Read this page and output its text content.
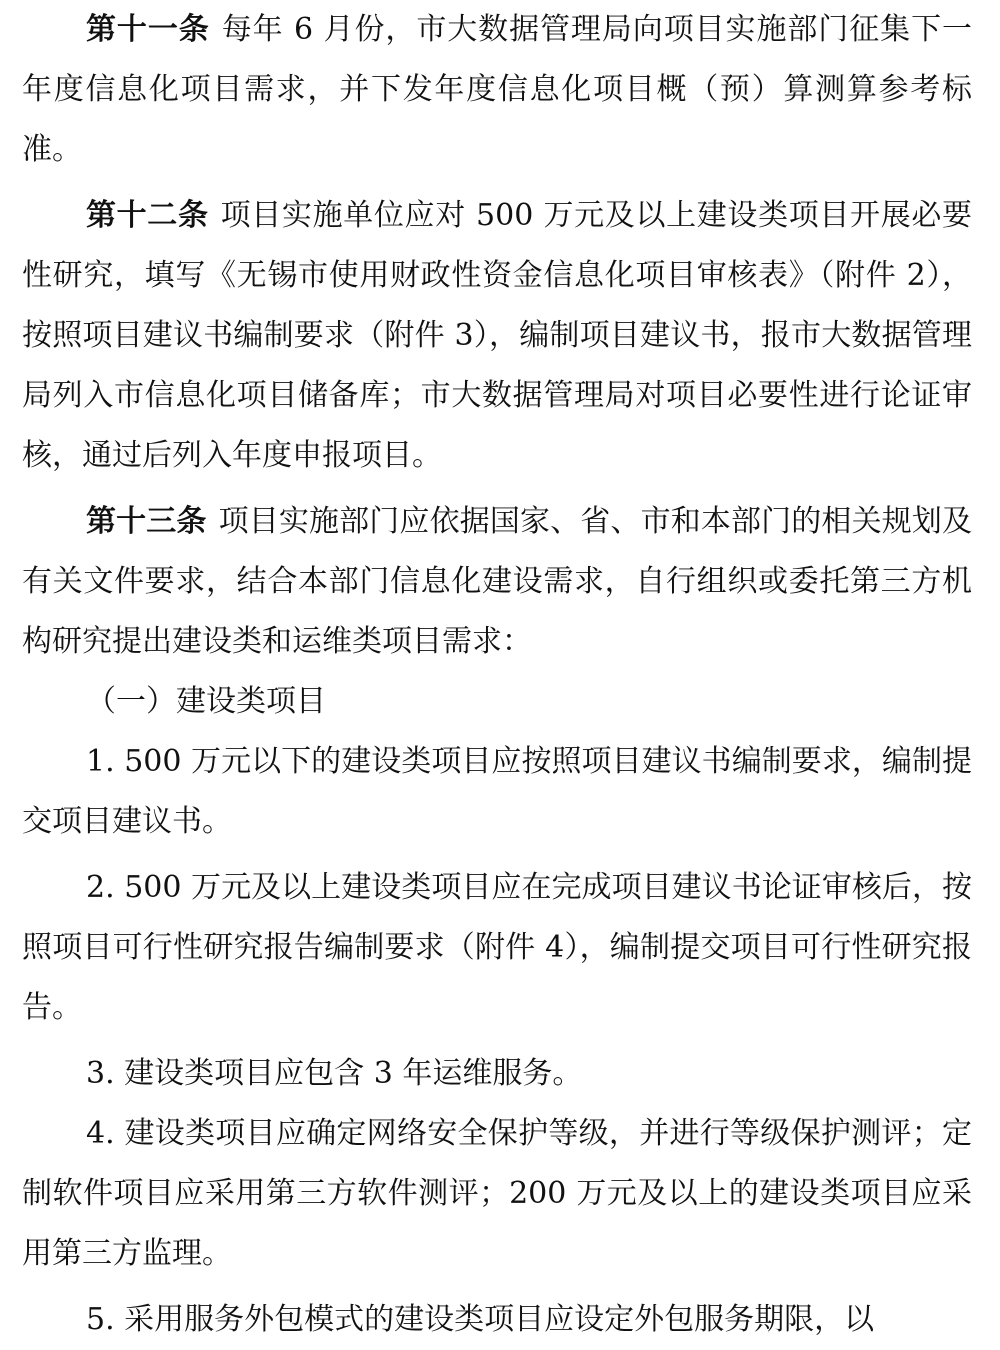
第十一条 每年 6 月份，市大数据管理局向项目实施部门征集下一年度信息化项目需求，并下发年度信息化项目概（预）算测算参考标准。

第十二条 项目实施单位应对 500 万元及以上建设类项目开展必要性研究，填写《无锡市使用财政性资金信息化项目审核表》（附件 2），按照项目建议书编制要求（附件 3），编制项目建议书，报市大数据管理局列入市信息化项目储备库；市大数据管理局对项目必要性进行论证审核，通过后列入年度申报项目。

第十三条 项目实施部门应依据国家、省、市和本部门的相关规划及有关文件要求，结合本部门信息化建设需求，自行组织或委托第三方机构研究提出建设类和运维类项目需求：

（一）建设类项目

1. 500 万元以下的建设类项目应按照项目建议书编制要求，编制提交项目建议书。

2. 500 万元及以上建设类项目应在完成项目建议书论证审核后，按照项目可行性研究报告编制要求（附件 4），编制提交项目可行性研究报告。

3. 建设类项目应包含 3 年运维服务。

4. 建设类项目应确定网络安全保护等级，并进行等级保护测评；定制软件项目应采用第三方软件测评；200 万元及以上的建设类项目应采用第三方监理。

5. 采用服务外包模式的建设类项目应设定外包服务期限，以
